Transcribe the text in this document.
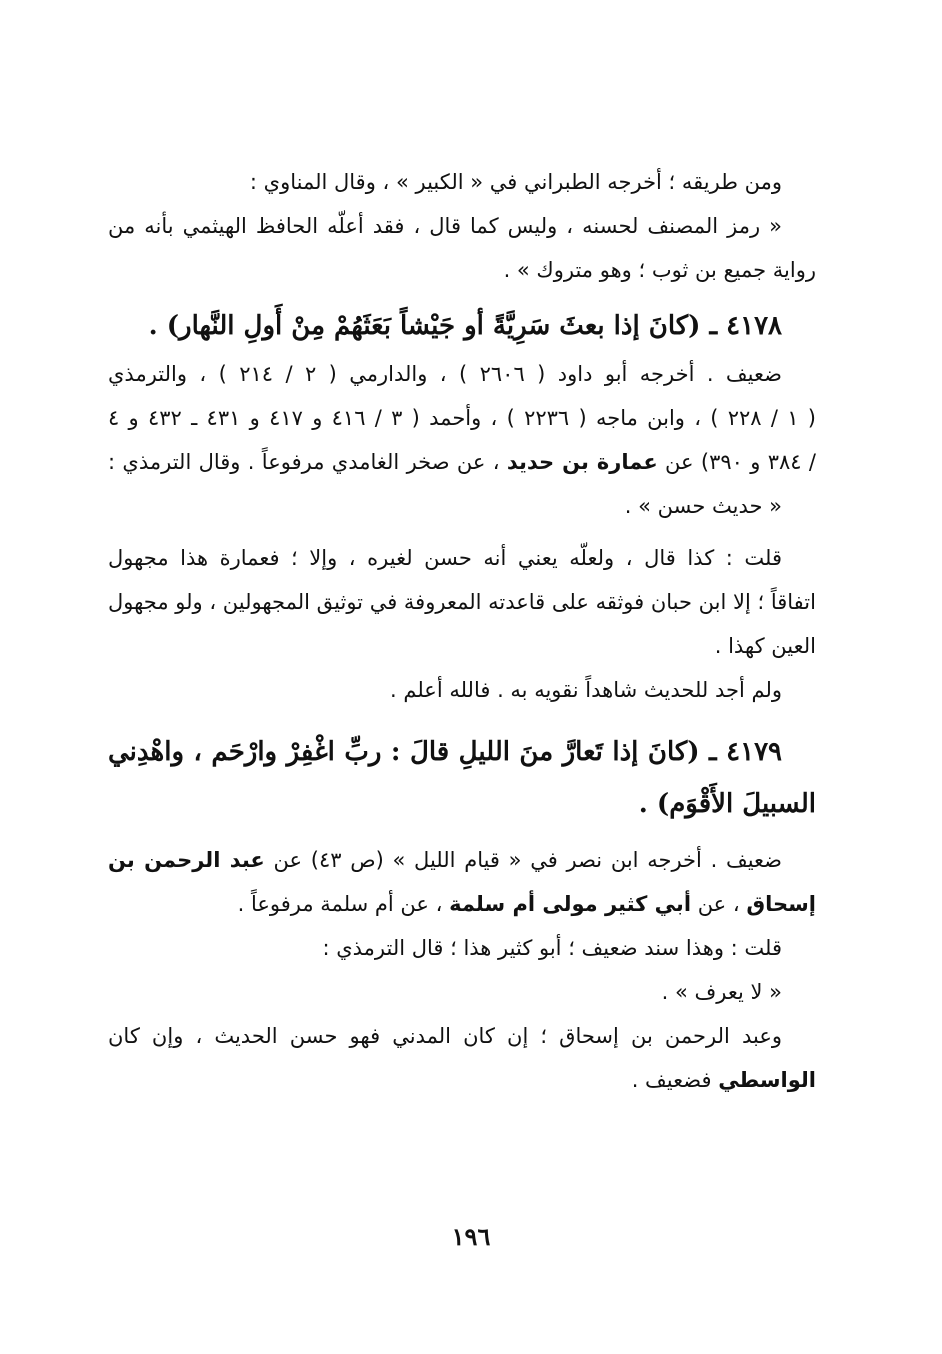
ومن طريقه ؛ أخرجه الطبراني في « الكبير » ، وقال المناوي :
« رمز المصنف لحسنه ، وليس كما قال ، فقد أعلّه الحافظ الهيثمي بأنه من
رواية جميع بن ثوب ؛ وهو متروك » .
٤١٧٨ ـ (كانَ إذا بعثَ سَرِيَّةً أو جَيْشاً بَعَثَهُمْ مِنْ أَولِ النَّهار) .
ضعيف . أخرجه أبو داود ( ٢٦٠٦ ) ، والدارمي ( ٢ / ٢١٤ ) ، والترمذي
( ١ / ٢٢٨ ) ، وابن ماجه ( ٢٢٣٦ ) ، وأحمد ( ٣ / ٤١٦ و ٤١٧ و ٤٣١ ـ ٤٣٢ و ٤
/ ٣٨٤ و ٣٩٠) عن عمارة بن حديد ، عن صخر الغامدي مرفوعاً . وقال الترمذي :
« حديث حسن » .
قلت : كذا قال ، ولعلّه يعني أنه حسن لغيره ، وإلا ؛ فعمارة هذا مجهول
اتفاقاً ؛ إلا ابن حبان فوثقه على قاعدته المعروفة في توثيق المجهولين ، ولو مجهول
العين كهذا .
ولم أجد للحديث شاهداً نقويه به . فالله أعلم .
٤١٧٩ ـ (كانَ إذا تَعارَّ منَ الليلِ قالَ : ربِّ اغْفِرْ وارْحَم ، واهْدِني
السبيلَ الأَقْوَم) .
ضعيف . أخرجه ابن نصر في « قيام الليل » (ص ٤٣) عن عبد الرحمن بن
إسحاق ، عن أبي كثير مولى أم سلمة ، عن أم سلمة مرفوعاً .
قلت : وهذا سند ضعيف ؛ أبو كثير هذا ؛ قال الترمذي :
« لا يعرف » .
وعبد الرحمن بن إسحاق ؛ إن كان المدني فهو حسن الحديث ، وإن كان
الواسطي فضعيف .
١٩٦
